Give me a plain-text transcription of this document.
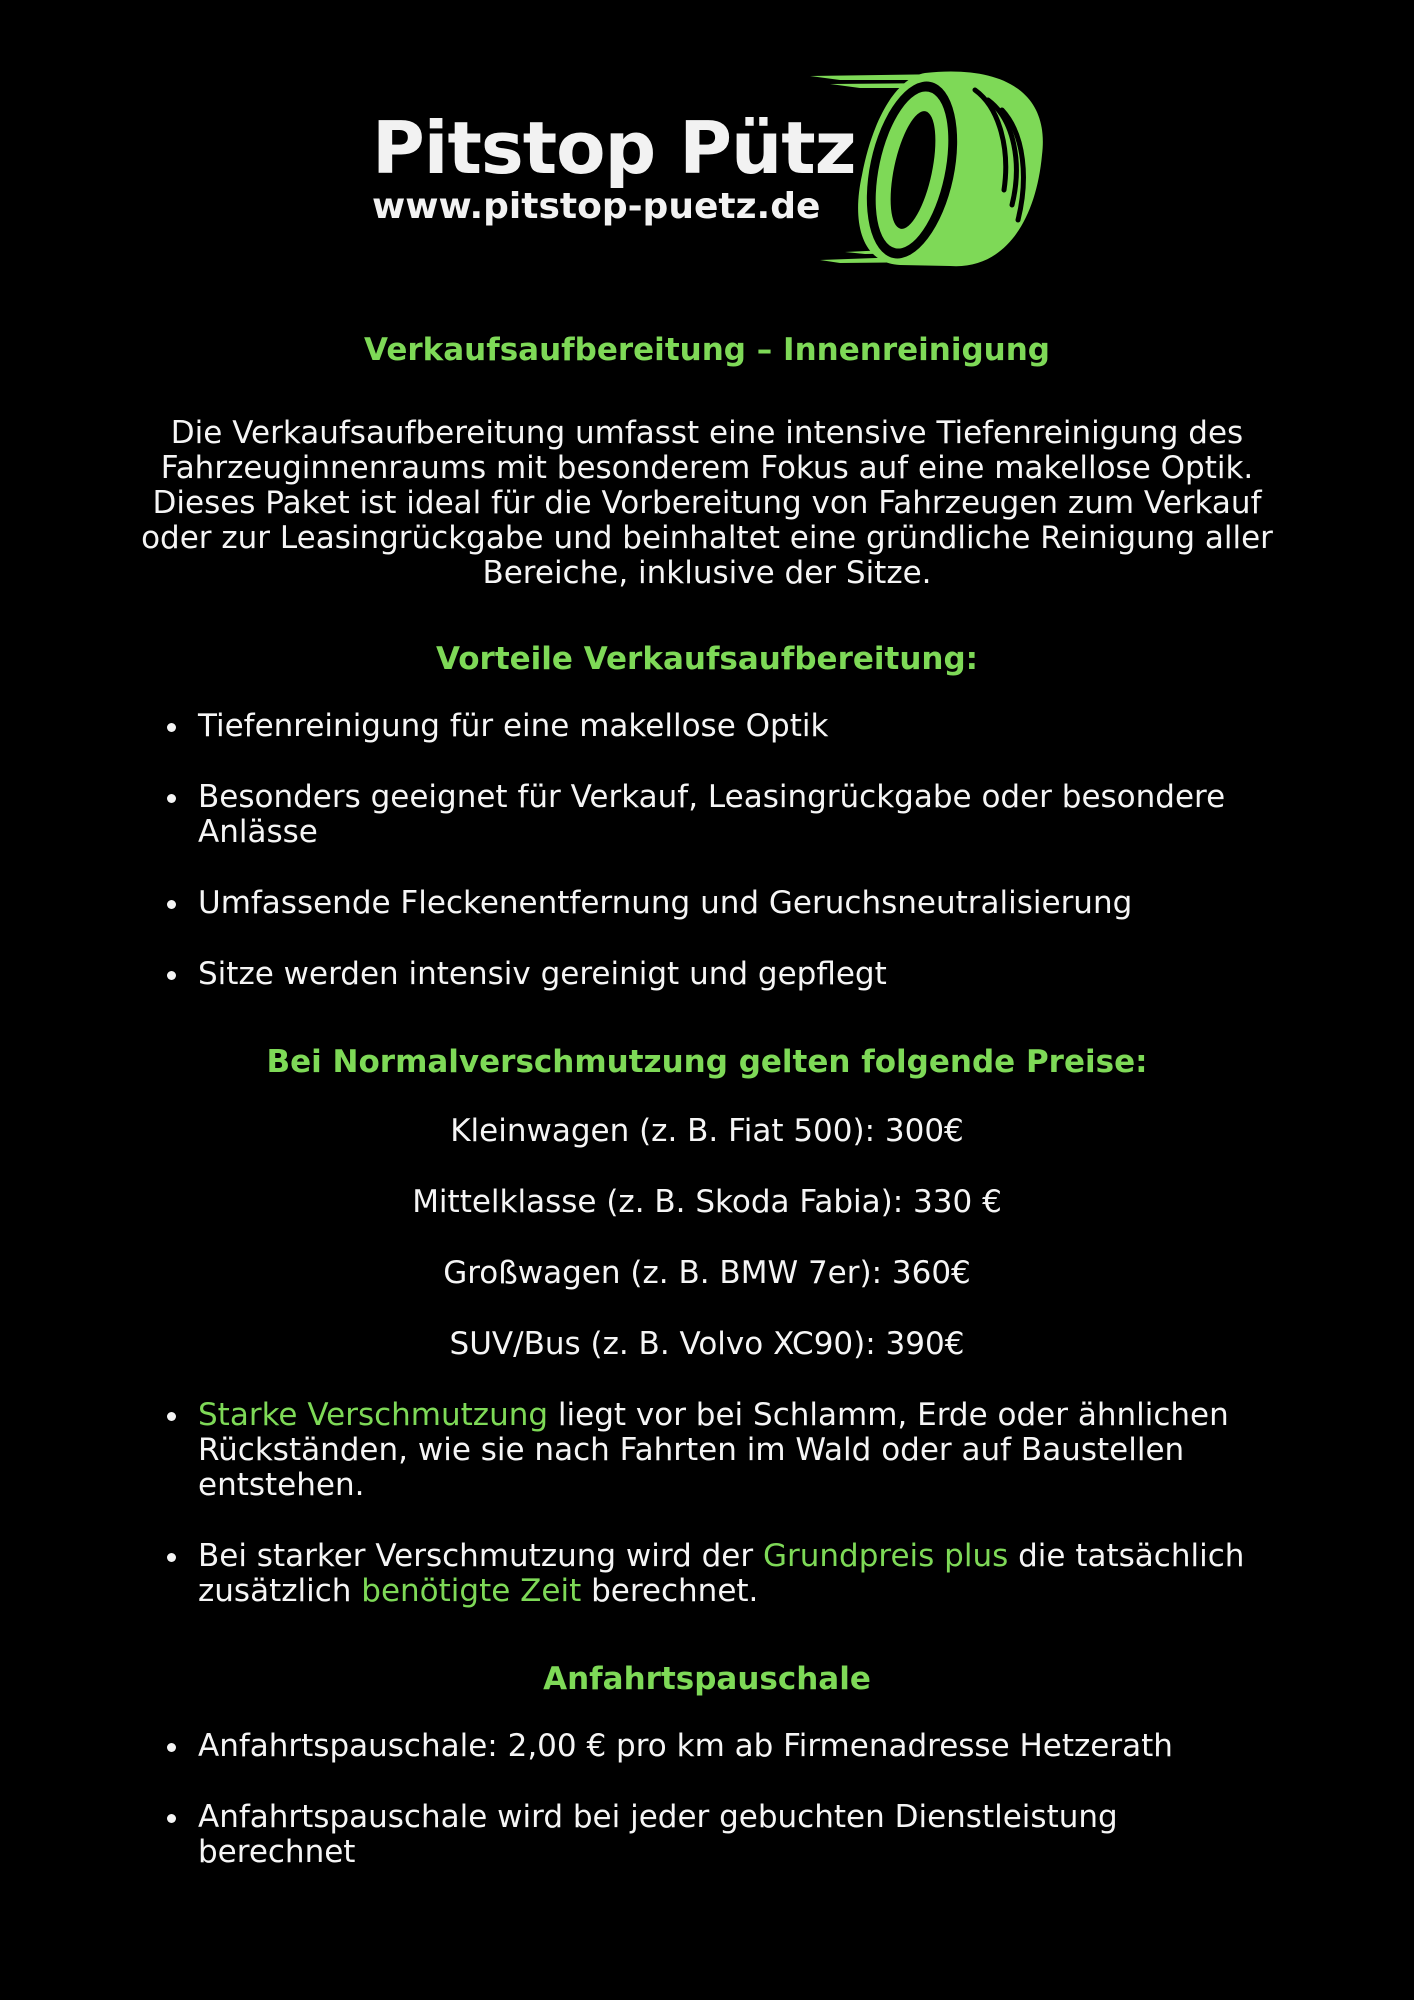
Pitstop Pütz
www.pitstop-puetz.de
Verkaufsaufbereitung – Innenreinigung

Die Verkaufsaufbereitung umfasst eine intensive Tiefenreinigung des Fahrzeuginnenraums mit besonderem Fokus auf eine makellose Optik. Dieses Paket ist ideal für die Vorbereitung von Fahrzeugen zum Verkauf oder zur Leasingrückgabe und beinhaltet eine gründliche Reinigung aller Bereiche, inklusive der Sitze.

Vorteile Verkaufsaufbereitung:
Tiefenreinigung für eine makellose Optik
Besonders geeignet für Verkauf, Leasingrückgabe oder besondere Anlässe
Umfassende Fleckenentfernung und Geruchsneutralisierung
Sitze werden intensiv gereinigt und gepflegt
Bei Normalverschmutzung gelten folgende Preise:

Kleinwagen (z. B. Fiat 500): 300€

Mittelklasse (z. B. Skoda Fabia): 330 €

Großwagen (z. B. BMW 7er): 360€

SUV/Bus (z. B. Volvo XC90): 390€

Starke Verschmutzung liegt vor bei Schlamm, Erde oder ähnlichen Rückständen, wie sie nach Fahrten im Wald oder auf Baustellen entstehen.
Bei starker Verschmutzung wird der Grundpreis plus die tatsächlich zusätzlich benötigte Zeit berechnet.
Anfahrtspauschale
Anfahrtspauschale: 2,00 € pro km ab Firmenadresse Hetzerath
Anfahrtspauschale wird bei jeder gebuchten Dienstleistung berechnet
